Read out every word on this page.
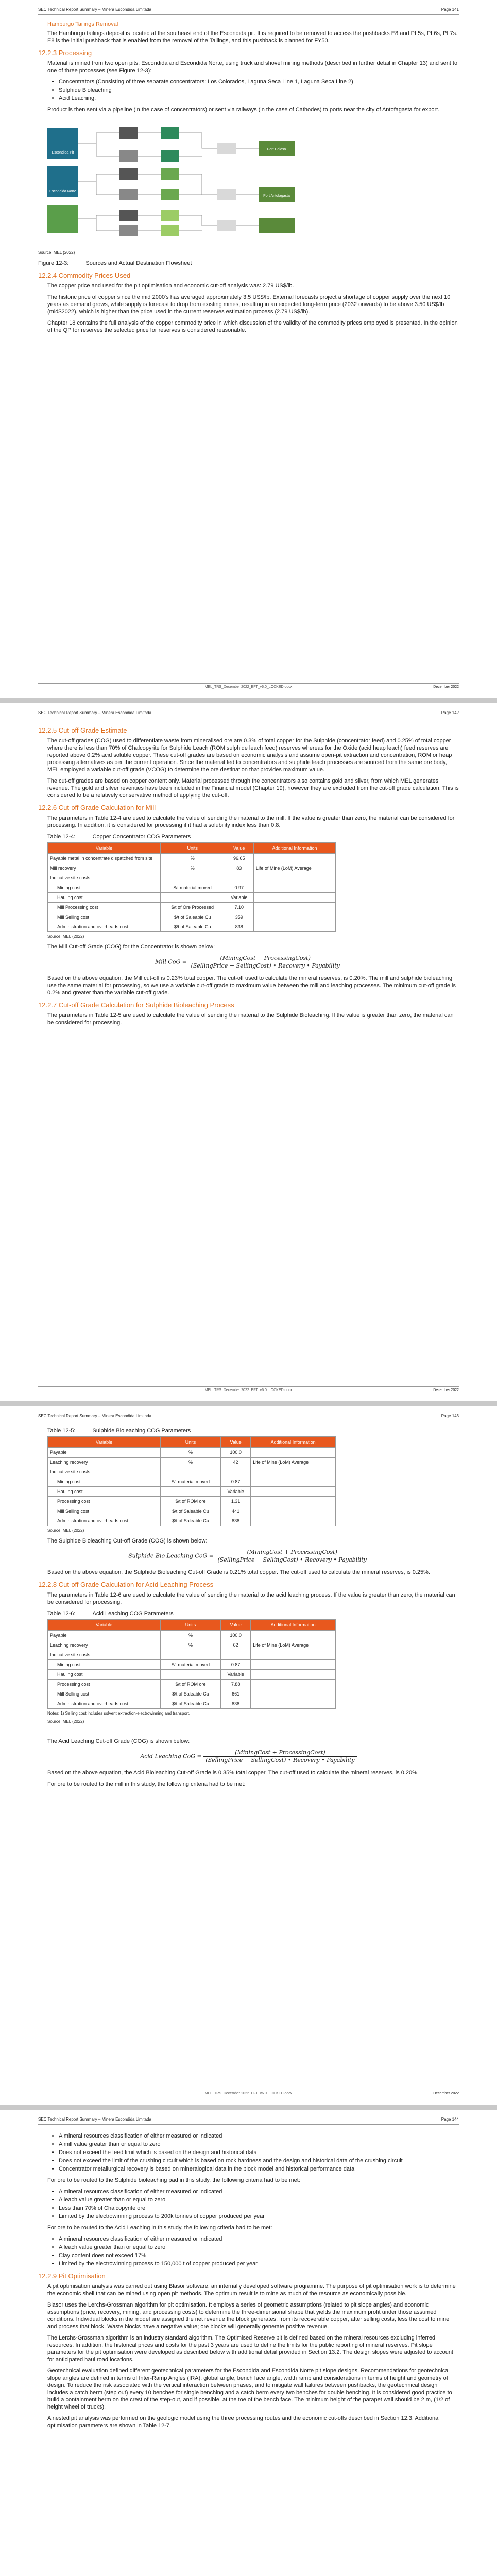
SEC Technical Report Summary – Minera Escondida Limitada	Page 141
Hamburgo Tailings Removal

The Hamburgo tailings deposit is located at the southeast end of the Escondida pit. It is required to be removed to access the pushbacks E8 and PL5s, PL6s, PL7s. E8 is the initial pushback that is enabled from the removal of the Tailings, and this pushback is planned for FY50.

12.2.3 Processing

Material is mined from two open pits: Escondida and Escondida Norte, using truck and shovel mining methods (described in further detail in Chapter 13) and sent to one of three processes (see Figure 12-3):

• Concentrators (Consisting of three separate concentrators: Los Colorados, Laguna Seca Line 1, Laguna Seca Line 2)
• Sulphide Bioleaching
• Acid Leaching.

Product is then sent via a pipeline (in the case of concentrators) or sent via railways (in the case of Cathodes) to ports near the city of Antofagasta for export.

Escondida Pit
Escondida Norte
Port Coloso
Port Antofagasta
Source: MEL (2022)
Figure 12-3:	Sources and Actual Destination Flowsheet
12.2.4 Commodity Prices Used

The copper price and used for the pit optimisation and economic cut-off analysis was: 2.79 US$/lb.

The historic price of copper since the mid 2000's has averaged approximately 3.5 US$/lb. External forecasts project a shortage of copper supply over the next 10 years as demand grows, while supply is forecast to drop from existing mines, resulting in an expected long-term price (2032 onwards) to be above 3.50 US$/lb (mid$2022), which is higher than the price used in the current reserves estimation process (2.79 US$/lb).

Chapter 18 contains the full analysis of the copper commodity price in which discussion of the validity of the commodity prices employed is presented. In the opinion of the QP for reserves the selected price for reserves is considered reasonable.

MEL_TRS_December 2022_EFT_v6.0_LOCKED.docx	December 2022
SEC Technical Report Summary – Minera Escondida Limitada	Page 142
12.2.5 Cut-off Grade Estimate

The cut-off grades (COG) used to differentiate waste from mineralised ore are 0.3% of total copper for the Sulphide (concentrator feed) and 0.25% of total copper where there is less than 70% of Chalcopyrite for Sulphide Leach (ROM sulphide leach feed) reserves whereas for the Oxide (acid heap leach) feed reserves are reported above 0.2% acid soluble copper. These cut-off grades are based on economic analysis and assume open-pit extraction and concentration, ROM or heap processing alternatives as per the current operation. Since the material fed to concentrators and sulphide leach processes are sourced from the same ore body, MEL employed a variable cut-off grade (VCOG) to determine the ore destination that provides maximum value.

The cut-off grades are based on copper content only. Material processed through the concentrators also contains gold and silver, from which MEL generates revenue. The gold and silver revenues have been included in the Financial model (Chapter 19), however they are excluded from the cut-off grade calculation. This is considered to be a relatively conservative method of applying the cut-off.

12.2.6 Cut-off Grade Calculation for Mill

The parameters in Table 12-4 are used to calculate the value of sending the material to the mill. If the value is greater than zero, the material can be considered for processing. In addition, it is considered for processing if it had a solubility index less than 0.8.

Table 12-4:	Copper Concentrator COG Parameters
Variable	Units	Value	Additional Information
Payable metal in concentrate dispatched from site	%	96.65	
Mill recovery	%	83	Life of Mine (LoM) Average
Indicative site costs			
Mining cost	$/t material moved	0.97	
Hauling cost		Variable	
Mill Processing cost	$/t of Ore Processed	7.10	
Mill Selling cost	$/t of Saleable Cu	359	
Administration and overheads cost	$/t of Saleable Cu	838	
Source: MEL (2022)

The Mill Cut-off Grade (COG) for the Concentrator is shown below:

Mill CoG = $\frac{\text{(MiningCost + ProcessingCost)}}{\text{(SellingPrice − SellingCost) • Recovery • Payability}}$

Based on the above equation, the Mill cut-off is 0.23% total copper. The cut-off used to calculate the mineral reserves, is 0.20%. The mill and sulphide bioleaching use the same material for processing, so we use a variable cut-off grade to maximum value between the mill and leaching processes. The minimum cut-off grade is 0.2% and greater than the variable cut-off grade.

12.2.7 Cut-off Grade Calculation for Sulphide Bioleaching Process

The parameters in Table 12-5 are used to calculate the value of sending the material to the Sulphide Bioleaching. If the value is greater than zero, the material can be considered for processing.

MEL_TRS_December 2022_EFT_v6.0_LOCKED.docx	December 2022
SEC Technical Report Summary – Minera Escondida Limitada	Page 143
Table 12-5:	Sulphide Bioleaching COG Parameters
Variable	Units	Value	Additional Information
Payable	%	100.0	
Leaching recovery	%	42	Life of Mine (LoM) Average
Indicative site costs			
Mining cost	$/t material moved	0.87	
Hauling cost		Variable	
Processing cost	$/t of ROM ore	1.31	
Mill Selling cost	$/t of Saleable Cu	441	
Administration and overheads cost	$/t of Saleable Cu	838	
Source: MEL (2022)

The Sulphide Bioleaching Cut-off Grade (COG) is shown below:

Sulphide Bio Leaching CoG = $\frac{\text{(MiningCost + ProcessingCost)}}{\text{(SellingPrice − SellingCost) • Recovery • Payability}}$

Based on the above equation, the Sulphide Bioleaching Cut-off Grade is 0.21% total copper. The cut-off used to calculate the mineral reserves, is 0.25%.

12.2.8 Cut-off Grade Calculation for Acid Leaching Process

The parameters in Table 12-6 are used to calculate the value of sending the material to the acid leaching process. If the value is greater than zero, the material can be considered for processing.

Table 12-6:	Acid Leaching COG Parameters
Variable	Units	Value	Additional Information
Payable	%	100.0	
Leaching recovery	%	62	Life of Mine (LoM) Average
Indicative site costs			
Mining cost	$/t material moved	0.87	
Hauling cost		Variable	
Processing cost	$/t of ROM ore	7.88	
Mill Selling cost	$/t of Saleable Cu	661	
Administration and overheads cost	$/t of Saleable Cu	838	
Notes: 1) Selling cost includes solvent extraction-electrowinning and transport.
Source: MEL (2022)

The Acid Leaching Cut-off Grade (COG) is shown below:

Acid Leaching CoG = $\frac{\text{(MiningCost + ProcessingCost)}}{\text{(SellingPrice − SellingCost) • Recovery • Payability}}$

Based on the above equation, the Acid Bioleaching Cut-off Grade is 0.35% total copper. The cut-off used to calculate the mineral reserves, is 0.20%.

For ore to be routed to the mill in this study, the following criteria had to be met:

MEL_TRS_December 2022_EFT_v6.0_LOCKED.docx	December 2022
SEC Technical Report Summary – Minera Escondida Limitada	Page 144
• A mineral resources classification of either measured or indicated
• A mill value greater than or equal to zero
• Does not exceed the feed limit which is based on the design and historical data
• Does not exceed the limit of the crushing circuit which is based on rock hardness and the design and historical data of the crushing circuit
• Concentrator metallurgical recovery is based on mineralogical data in the block model and historical performance data

For ore to be routed to the Sulphide bioleaching pad in this study, the following criteria had to be met:

• A mineral resources classification of either measured or indicated
• A leach value greater than or equal to zero
• Less than 70% of Chalcopyrite ore
• Limited by the electrowinning process to 200k tonnes of copper produced per year

For ore to be routed to the Acid Leaching in this study, the following criteria had to be met:

• A mineral resources classification of either measured or indicated
• A leach value greater than or equal to zero
• Clay content does not exceed 17%
• Limited by the electrowinning process to 150,000 t of copper produced per year
12.2.9 Pit Optimisation

A pit optimisation analysis was carried out using Blasor software, an internally developed software programme. The purpose of pit optimisation work is to determine the economic shell that can be mined using open pit methods. The optimum result is to mine as much of the resource as economically possible.

Blasor uses the Lerchs-Grossman algorithm for pit optimisation. It employs a series of geometric assumptions (related to pit slope angles) and economic assumptions (price, recovery, mining, and processing costs) to determine the three-dimensional shape that yields the maximum profit under those assumed conditions. Individual blocks in the model are assigned the net revenue the block generates, from its recoverable copper, after selling costs, less the cost to mine and process that block. Waste blocks have a negative value; ore blocks will generally generate positive revenue.

The Lerchs-Grossman algorithm is an industry standard algorithm. The Optimised Reserve pit is defined based on the mineral resources excluding inferred resources. In addition, the historical prices and costs for the past 3 years are used to define the limits for the public reporting of mineral reserves. Pit slope parameters for the pit optimisation were developed as described below with additional detail provided in Section 13.2. The design slopes were adjusted to account for anticipated haul road locations.

Geotechnical evaluation defined different geotechnical parameters for the Escondida and Escondida Norte pit slope designs. Recommendations for geotechnical slope angles are defined in terms of Inter-Ramp Angles (IRA), global angle, bench face angle, width ramp and considerations in terms of height and geometry of design. To reduce the risk associated with the vertical interaction between phases, and to mitigate wall failures between pushbacks, the geotechnical design includes a catch berm (step out) every 10 benches for single benching and a catch berm every two benches for double benching. It is considered good practice to build a containment berm on the crest of the step-out, and if possible, at the toe of the bench face. The minimum height of the parapet wall should be 2 m, (1/2 of height wheel of trucks).

A nested pit analysis was performed on the geologic model using the three processing routes and the economic cut-offs described in Section 12.3. Additional optimisation parameters are shown in Table 12-7.
